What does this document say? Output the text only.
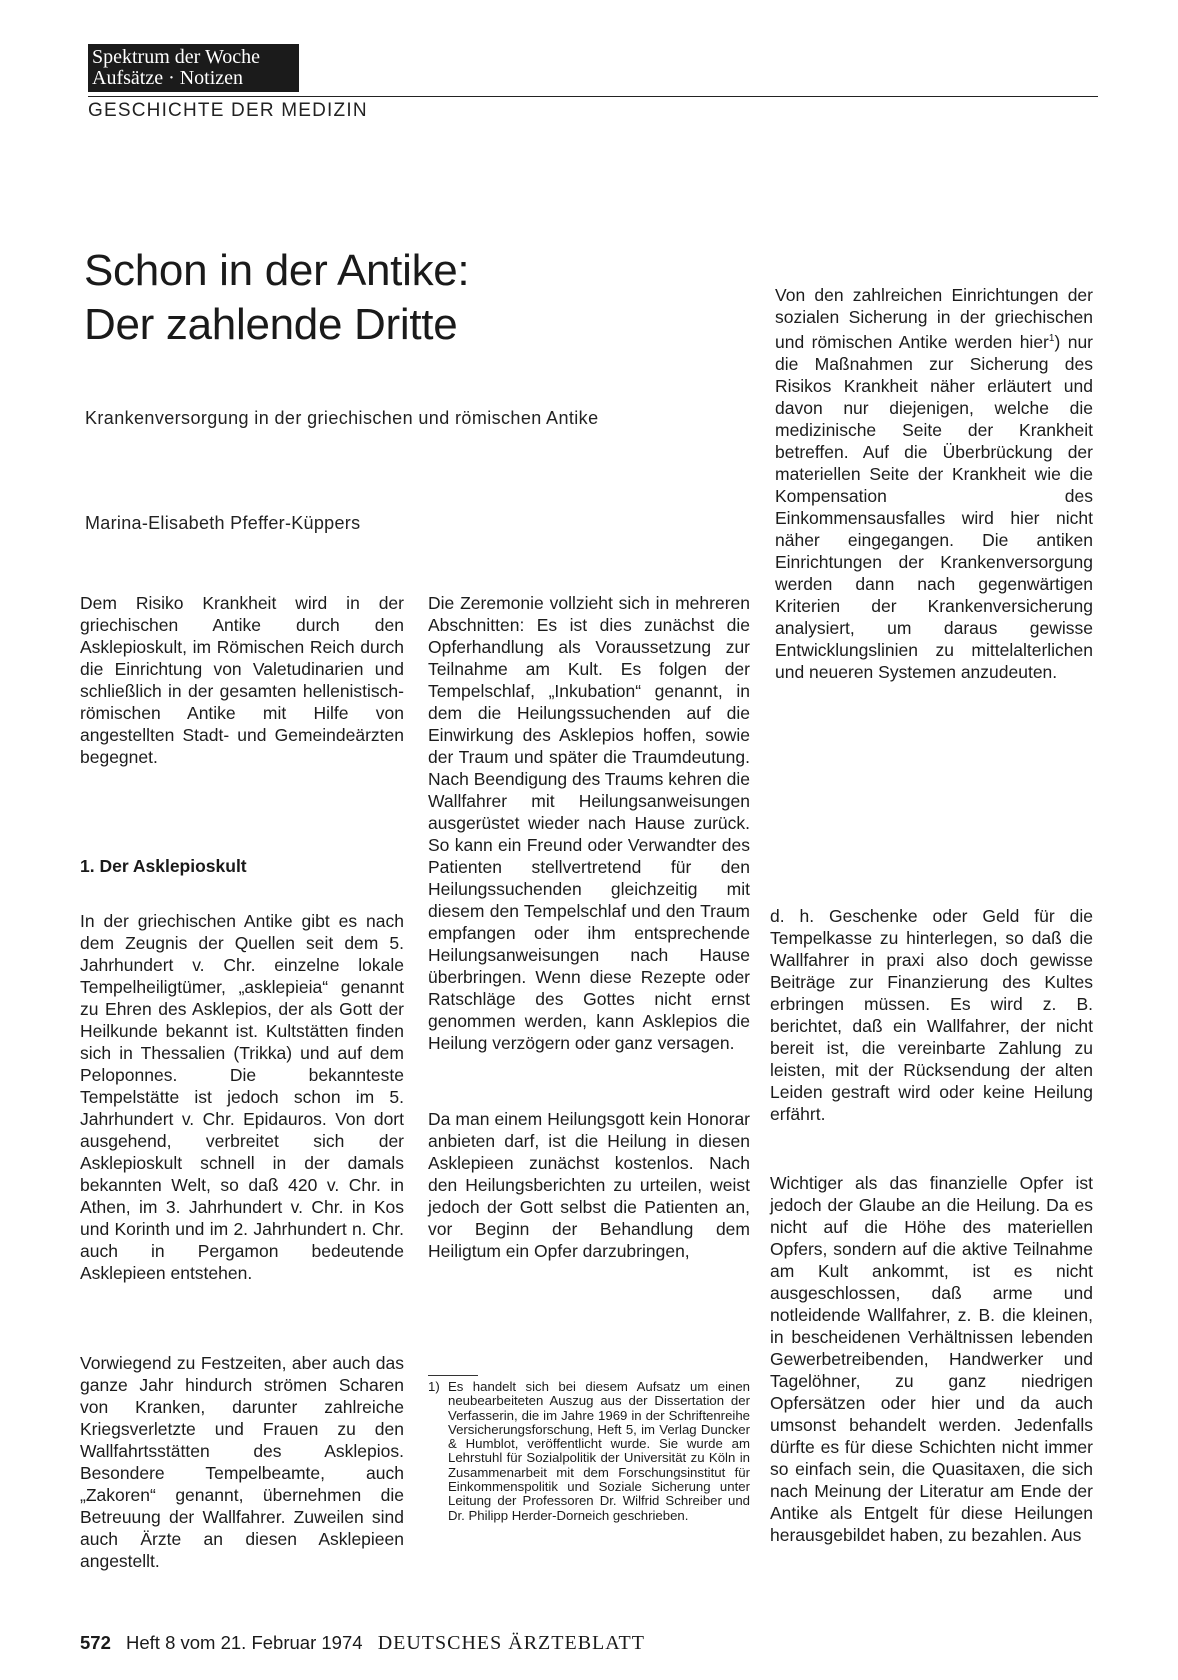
Spektrum der Woche
Aufsätze · Notizen
GESCHICHTE DER MEDIZIN
Schon in der Antike:
Der zahlende Dritte
Krankenversorgung in der griechischen und römischen Antike
Marina-Elisabeth Pfeffer-Küppers

Dem Risiko Krankheit wird in der griechischen Antike durch den Asklepioskult, im Römischen Reich durch die Einrichtung von Valetudinarien und schließlich in der gesamten hellenistisch-römischen Antike mit Hilfe von angestellten Stadt- und Gemeindeärzten begegnet.

1. Der Asklepioskult

In der griechischen Antike gibt es nach dem Zeugnis der Quellen seit dem 5. Jahrhundert v. Chr. einzelne lokale Tempelheiligtümer, „asklepieia“ genannt zu Ehren des Asklepios, der als Gott der Heilkunde bekannt ist. Kultstätten finden sich in Thessalien (Trikka) und auf dem Peloponnes. Die bekannteste Tempelstätte ist jedoch schon im 5. Jahrhundert v. Chr. Epidauros. Von dort ausgehend, verbreitet sich der Asklepioskult schnell in der damals bekannten Welt, so daß 420 v. Chr. in Athen, im 3. Jahrhundert v. Chr. in Kos und Korinth und im 2. Jahrhundert n. Chr. auch in Pergamon bedeutende Asklepieen entstehen.

Vorwiegend zu Festzeiten, aber auch das ganze Jahr hindurch strömen Scharen von Kranken, darunter zahlreiche Kriegsverletzte und Frauen zu den Wallfahrtsstätten des Asklepios. Besondere Tempelbeamte, auch „Zakoren“ genannt, übernehmen die Betreuung der Wallfahrer. Zuweilen sind auch Ärzte an diesen Asklepieen angestellt.

Die Zeremonie vollzieht sich in mehreren Abschnitten: Es ist dies zunächst die Opferhandlung als Voraussetzung zur Teilnahme am Kult. Es folgen der Tempelschlaf, „Inkubation“ genannt, in dem die Heilungssuchenden auf die Einwirkung des Asklepios hoffen, sowie der Traum und später die Traumdeutung. Nach Beendigung des Traums kehren die Wallfahrer mit Heilungsanweisungen ausgerüstet wieder nach Hause zurück. So kann ein Freund oder Verwandter des Patienten stellvertretend für den Heilungssuchenden gleichzeitig mit diesem den Tempelschlaf und den Traum empfangen oder ihm entsprechende Heilungsanweisungen nach Hause überbringen. Wenn diese Rezepte oder Ratschläge des Gottes nicht ernst genommen werden, kann Asklepios die Heilung verzögern oder ganz versagen.

Da man einem Heilungsgott kein Honorar anbieten darf, ist die Heilung in diesen Asklepieen zunächst kostenlos. Nach den Heilungsberichten zu urteilen, weist jedoch der Gott selbst die Patienten an, vor Beginn der Behandlung dem Heiligtum ein Opfer darzubringen,

1) Es handelt sich bei diesem Aufsatz um einen neubearbeiteten Auszug aus der Dissertation der Verfasserin, die im Jahre 1969 in der Schriftenreihe Versicherungsforschung, Heft 5, im Verlag Duncker & Humblot, veröffentlicht wurde. Sie wurde am Lehrstuhl für Sozialpolitik der Universität zu Köln in Zusammenarbeit mit dem Forschungsinstitut für Einkommenspolitik und Soziale Sicherung unter Leitung der Professoren Dr. Wilfrid Schreiber und Dr. Philipp Herder-Dorneich geschrieben.

Von den zahlreichen Einrichtungen der sozialen Sicherung in der griechischen und römischen Antike werden hier$^1$) nur die Maßnahmen zur Sicherung des Risikos Krankheit näher erläutert und davon nur diejenigen, welche die medizinische Seite der Krankheit betreffen. Auf die Überbrückung der materiellen Seite der Krankheit wie die Kompensation des Einkommensausfalles wird hier nicht näher eingegangen. Die antiken Einrichtungen der Krankenversorgung werden dann nach gegenwärtigen Kriterien der Krankenversicherung analysiert, um daraus gewisse Entwicklungslinien zu mittelalterlichen und neueren Systemen anzudeuten.

d. h. Geschenke oder Geld für die Tempelkasse zu hinterlegen, so daß die Wallfahrer in praxi also doch gewisse Beiträge zur Finanzierung des Kultes erbringen müssen. Es wird z. B. berichtet, daß ein Wallfahrer, der nicht bereit ist, die vereinbarte Zahlung zu leisten, mit der Rücksendung der alten Leiden gestraft wird oder keine Heilung erfährt.

Wichtiger als das finanzielle Opfer ist jedoch der Glaube an die Heilung. Da es nicht auf die Höhe des materiellen Opfers, sondern auf die aktive Teilnahme am Kult ankommt, ist es nicht ausgeschlossen, daß arme und notleidende Wallfahrer, z. B. die kleinen, in bescheidenen Verhältnissen lebenden Gewerbetreibenden, Handwerker und Tagelöhner, zu ganz niedrigen Opfersätzen oder hier und da auch umsonst behandelt werden. Jedenfalls dürfte es für diese Schichten nicht immer so einfach sein, die Quasitaxen, die sich nach Meinung der Literatur am Ende der Antike als Entgelt für diese Heilungen herausgebildet haben, zu bezahlen. Aus

572 Heft 8 vom 21. Februar 1974 DEUTSCHES ÄRZTEBLATT
